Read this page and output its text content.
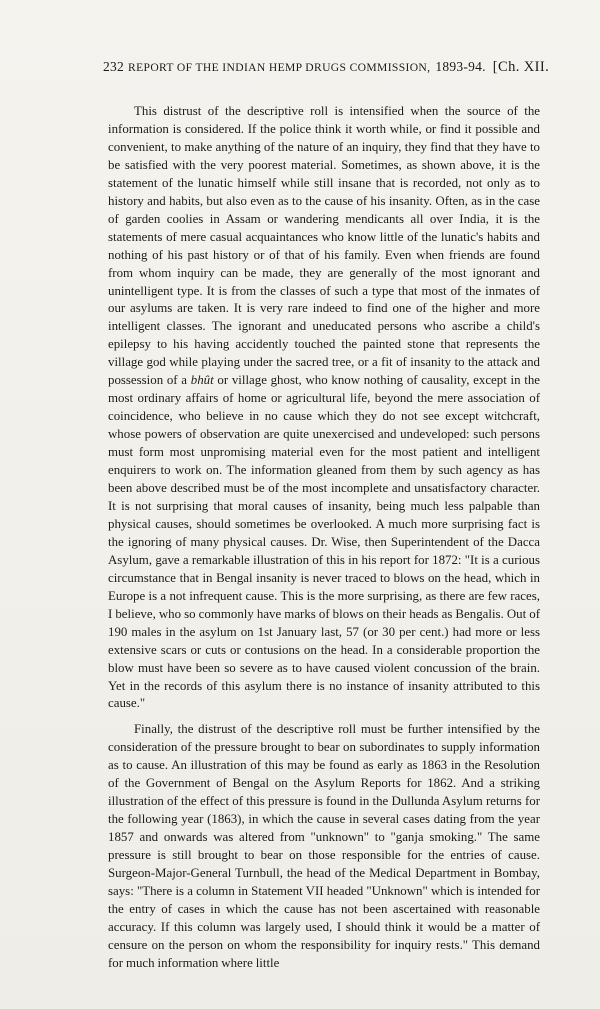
232 REPORT OF THE INDIAN HEMP DRUGS COMMISSION, 1893-94. [Ch. XII.

This distrust of the descriptive roll is intensified when the source of the information is considered. If the police think it worth while, or find it possible and convenient, to make anything of the nature of an inquiry, they find that they have to be satisfied with the very poorest material. Sometimes, as shown above, it is the statement of the lunatic himself while still insane that is recorded, not only as to history and habits, but also even as to the cause of his insanity. Often, as in the case of garden coolies in Assam or wandering mendicants all over India, it is the statements of mere casual acquaintances who know little of the lunatic's habits and nothing of his past history or of that of his family. Even when friends are found from whom inquiry can be made, they are generally of the most ignorant and unintelligent type. It is from the classes of such a type that most of the inmates of our asylums are taken. It is very rare indeed to find one of the higher and more intelligent classes. The ignorant and uneducated persons who ascribe a child's epilepsy to his having accidently touched the painted stone that represents the village god while playing under the sacred tree, or a fit of insanity to the attack and possession of a bhût or village ghost, who know nothing of causality, except in the most ordinary affairs of home or agricultural life, beyond the mere association of coincidence, who believe in no cause which they do not see except witchcraft, whose powers of observation are quite unexercised and undeveloped: such persons must form most unpromising material even for the most patient and intelligent enquirers to work on. The information gleaned from them by such agency as has been above described must be of the most incomplete and unsatisfactory character. It is not surprising that moral causes of insanity, being much less palpable than physical causes, should sometimes be overlooked. A much more surprising fact is the ignoring of many physical causes. Dr. Wise, then Superintendent of the Dacca Asylum, gave a remarkable illustration of this in his report for 1872: "It is a curious circumstance that in Bengal insanity is never traced to blows on the head, which in Europe is a not infrequent cause. This is the more surprising, as there are few races, I believe, who so commonly have marks of blows on their heads as Bengalis. Out of 190 males in the asylum on 1st January last, 57 (or 30 per cent.) had more or less extensive scars or cuts or contusions on the head. In a considerable proportion the blow must have been so severe as to have caused violent concussion of the brain. Yet in the records of this asylum there is no instance of insanity attributed to this cause."

Finally, the distrust of the descriptive roll must be further intensified by the consideration of the pressure brought to bear on subordinates to supply information as to cause. An illustration of this may be found as early as 1863 in the Resolution of the Government of Bengal on the Asylum Reports for 1862. And a striking illustration of the effect of this pressure is found in the Dullunda Asylum returns for the following year (1863), in which the cause in several cases dating from the year 1857 and onwards was altered from "unknown" to "ganja smoking." The same pressure is still brought to bear on those responsible for the entries of cause. Surgeon-Major-General Turnbull, the head of the Medical Department in Bombay, says: "There is a column in Statement VII headed "Unknown" which is intended for the entry of cases in which the cause has not been ascertained with reasonable accuracy. If this column was largely used, I should think it would be a matter of censure on the person on whom the responsibility for inquiry rests." This demand for much information where little
